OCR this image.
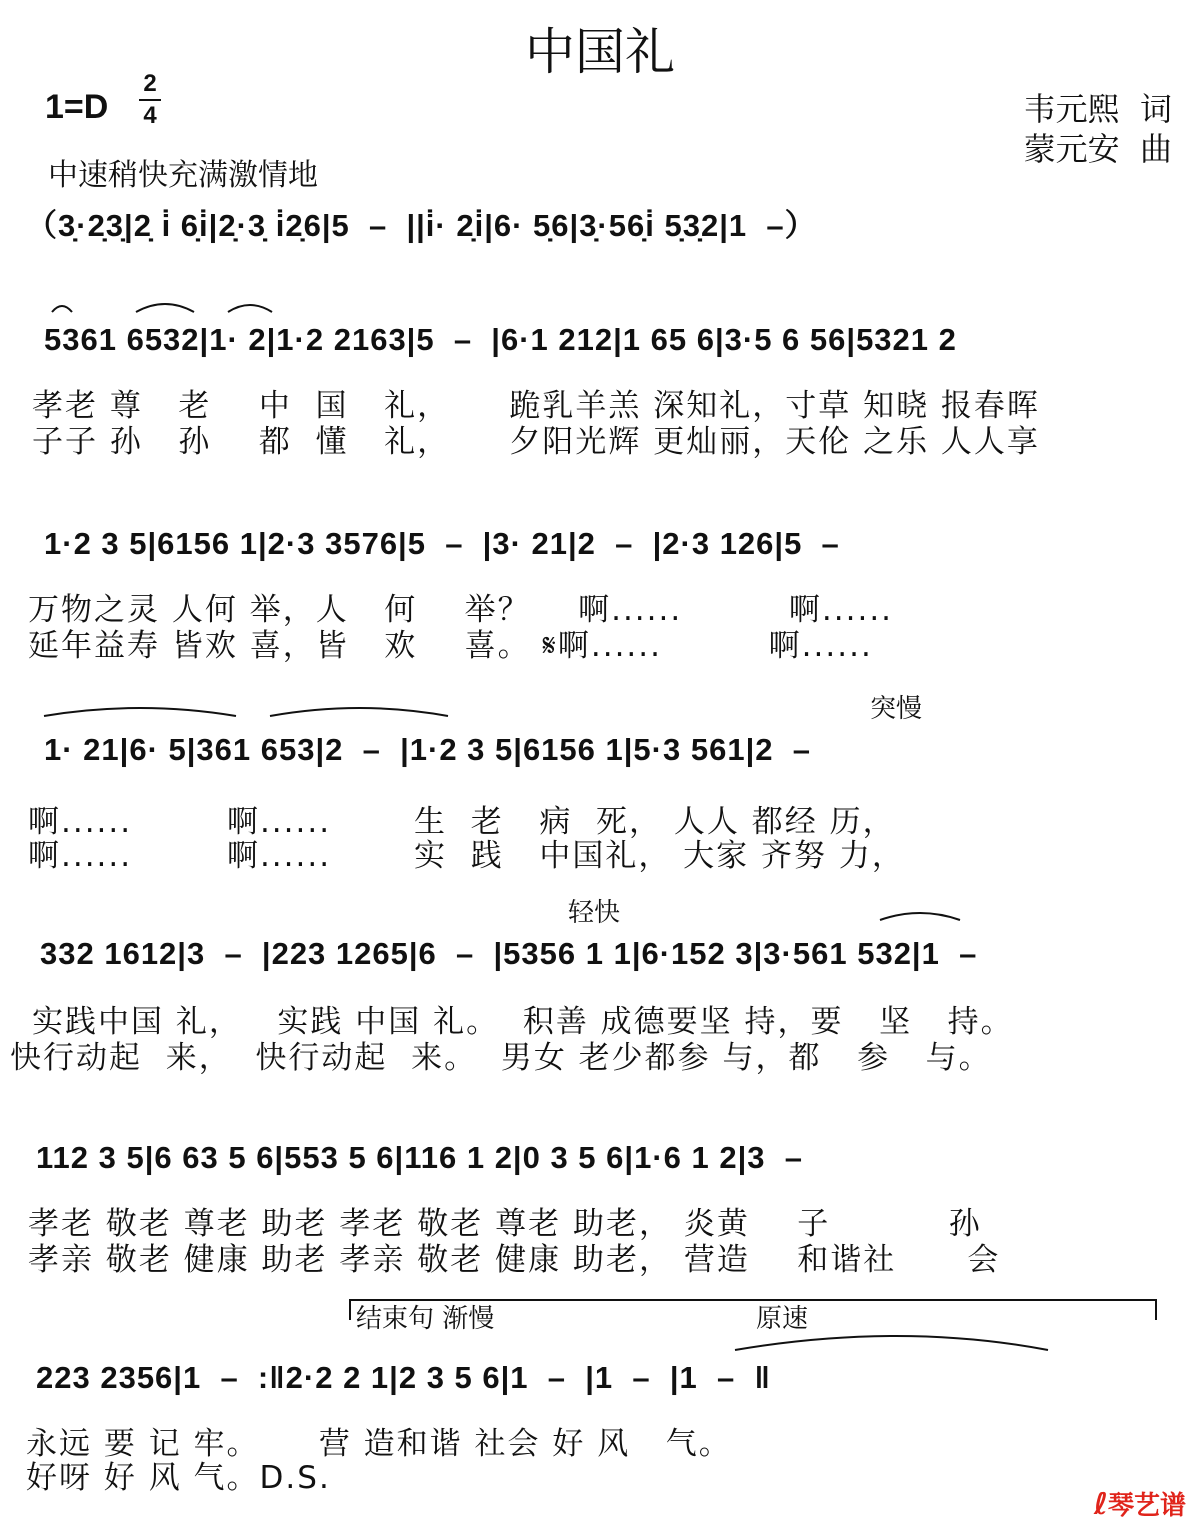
中国礼
1=D
2
4	韦元熙  词
蒙元安  曲
中速稍快充满激情地
（3̣·2̣3̣|2̣ i̇ 6̣i̇|2̣·3̣ i̇2̣6|5  –  ||i̇· 2̣i̇|6· 5̣6|3̣·56̣i̇ 5̣3̣2|1  –）
5361 6532|1· 2|1·2 2163|5  –  |6·1 212|1 65 6|3·5 6 56|5321 2
孝老 尊   老    中  国   礼，     跪乳羊羔 深知礼，寸草 知晓 报春晖
子子 孙   孙    都  懂   礼，     夕阳光辉 更灿丽，天伦 之乐 人人享
1·2 3 5|6156 1|2·3 3576|5  –  |3· 21|2  –  |2·3 126|5  –
万物之灵 人何 举，人   何    举？    啊......         啊......
延年益寿 皆欢 喜，皆   欢    喜。 𝄋啊......         啊......
突慢
1· 21|6· 5|361 653|2  –  |1·2 3 5|6156 1|5·3 561|2  –
啊......        啊......       生  老   病  死， 人人 都经 历，
啊......        啊......       实  践   中国礼， 大家 齐努 力，
轻快
332 1612|3  –  |223 1265|6  –  |5356 1 1|6·152 3|3·561 532|1  –
实践中国 礼，   实践 中国 礼。  积善 成德要坚 持，要   坚   持。
快行动起  来，  快行动起  来。  男女 老少都参 与，都   参   与。
112 3 5|6 63 5 6|553 5 6|116 1 2|0 3 5 6|1·6 1 2|3  –
孝老 敬老 尊老 助老 孝老 敬老 尊老 助老， 炎黄    子          孙
孝亲 敬老 健康 助老 孝亲 敬老 健康 助老， 营造    和谐社      会
结束句 渐慢	原速
223 2356|1  –  :‖2·2 2 1|2 3 5 6|1  –  |1  –  |1  –  ‖
永远 要 记 牢。     营 造和谐 社会 好 风   气。
好呀 好 风 气。D.S.

ℓ琴艺谱
